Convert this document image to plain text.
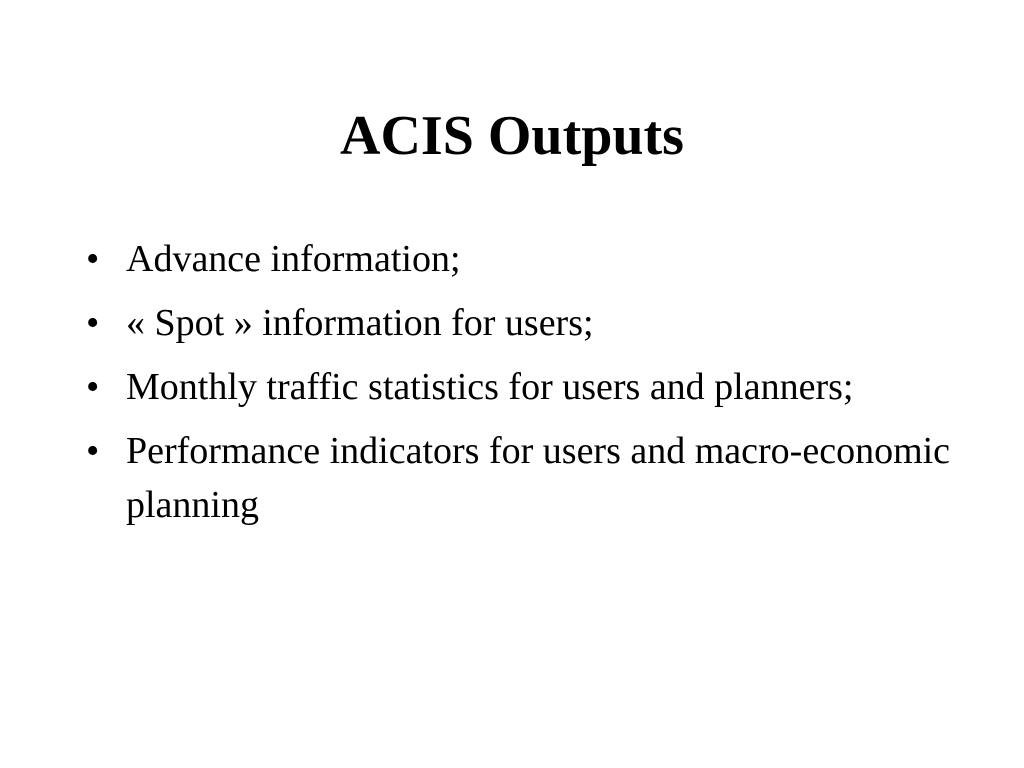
ACIS Outputs
• Advance information;
• « Spot » information for users;
• Monthly traffic statistics for users and planners;
• Performance indicators for users and macro-economic planning
